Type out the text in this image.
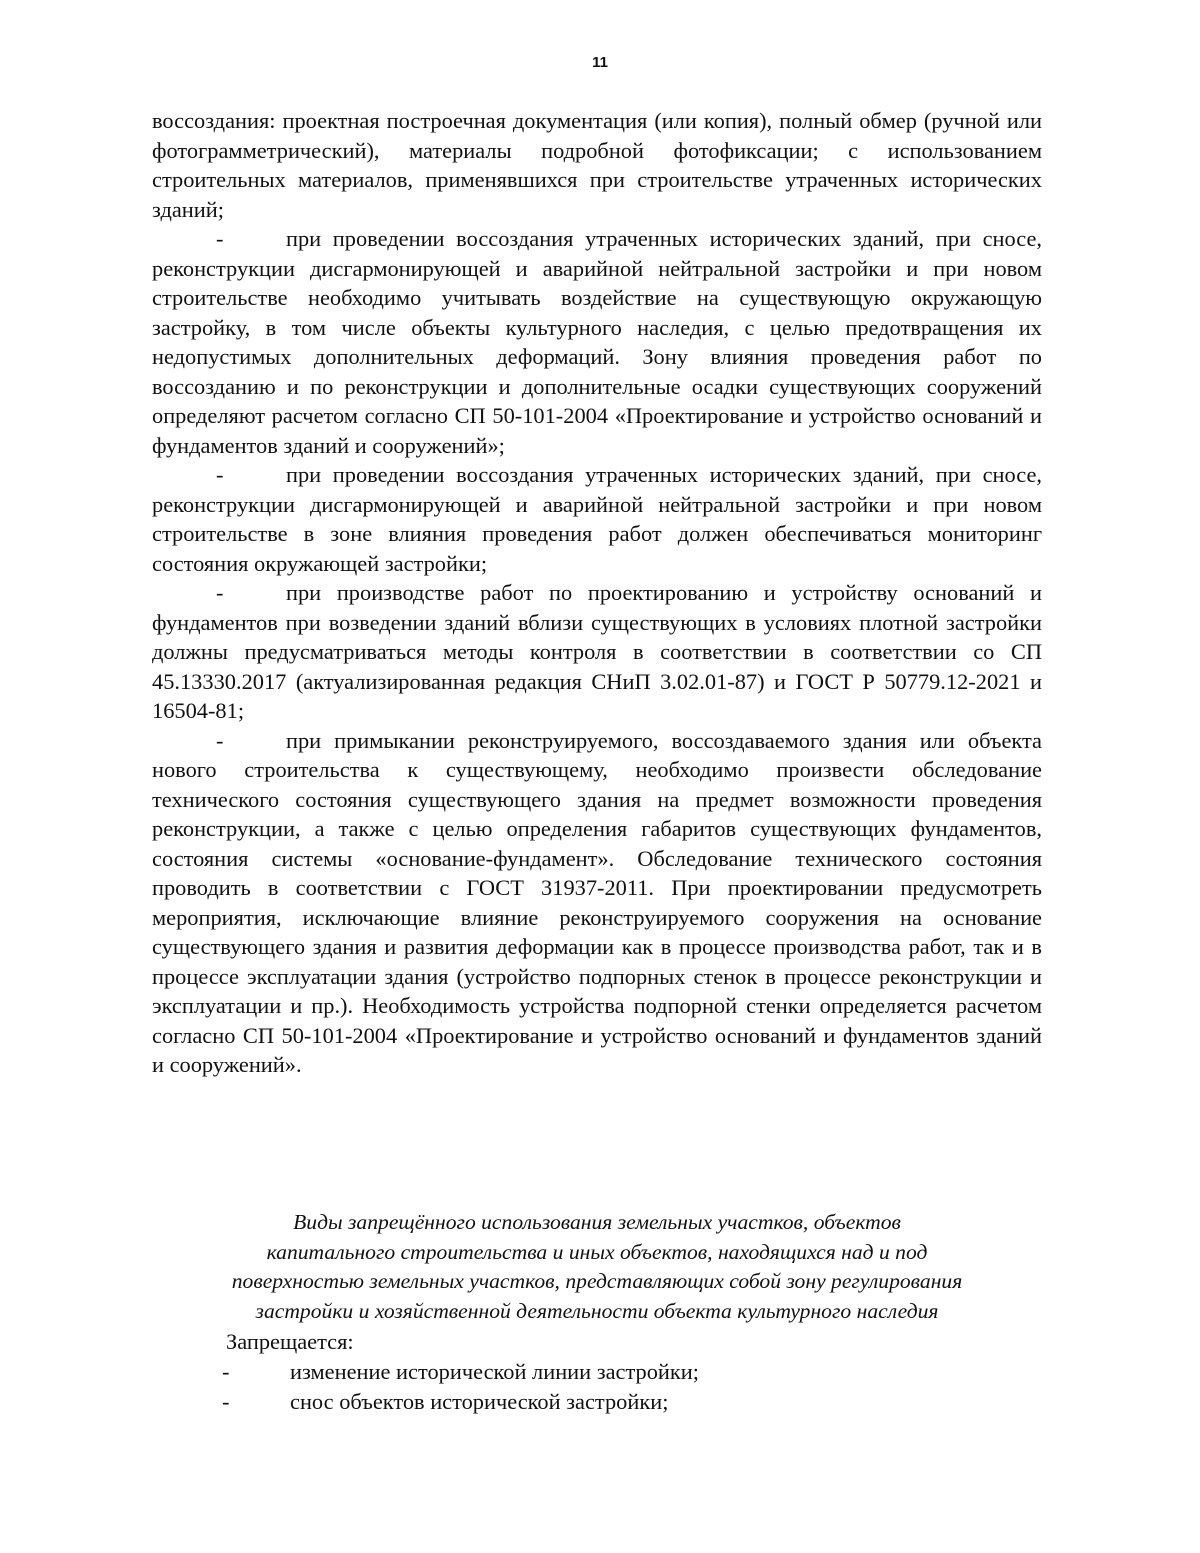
11

воссоздания: проектная построечная документация (или копия), полный обмер (ручной или фотограмметрический), материалы подробной фотофиксации; с использованием строительных материалов, применявшихся при строительстве утраченных исторических зданий;

-	при проведении воссоздания утраченных исторических зданий, при сносе, реконструкции дисгармонирующей и аварийной нейтральной застройки и при новом строительстве необходимо учитывать воздействие на существующую окружающую застройку, в том числе объекты культурного наследия, с целью предотвращения их недопустимых дополнительных деформаций. Зону влияния проведения работ по воссозданию и по реконструкции и дополнительные осадки существующих сооружений определяют расчетом согласно СП 50-101-2004 «Проектирование и устройство оснований и фундаментов зданий и сооружений»;

-	при проведении воссоздания утраченных исторических зданий, при сносе, реконструкции дисгармонирующей и аварийной нейтральной застройки и при новом строительстве в зоне влияния проведения работ должен обеспечиваться мониторинг состояния окружающей застройки;

-	при производстве работ по проектированию и устройству оснований и фундаментов при возведении зданий вблизи существующих в условиях плотной застройки должны предусматриваться методы контроля в соответствии в соответствии со СП 45.13330.2017 (актуализированная редакция СНиП 3.02.01-87) и ГОСТ Р 50779.12-2021 и 16504-81;

-	при примыкании реконструируемого, воссоздаваемого здания или объекта нового строительства к существующему, необходимо произвести обследование технического состояния существующего здания на предмет возможности проведения реконструкции, а также с целью определения габаритов существующих фундаментов, состояния системы «основание-фундамент». Обследование технического состояния проводить в соответствии с ГОСТ 31937-2011. При проектировании предусмотреть мероприятия, исключающие влияние реконструируемого сооружения на основание существующего здания и развития деформации как в процессе производства работ, так и в процессе эксплуатации здания (устройство подпорных стенок в процессе реконструкции и эксплуатации и пр.). Необходимость устройства подпорной стенки определяется расчетом согласно СП 50-101-2004 «Проектирование и устройство оснований и фундаментов зданий и сооружений».

Виды запрещённого использования земельных участков, объектов
капитального строительства и иных объектов, находящихся над и под
поверхностью земельных участков, представляющих собой зону регулирования
застройки и хозяйственной деятельности объекта культурного наследия
Запрещается:
-	изменение исторической линии застройки;
-	снос объектов исторической застройки;
